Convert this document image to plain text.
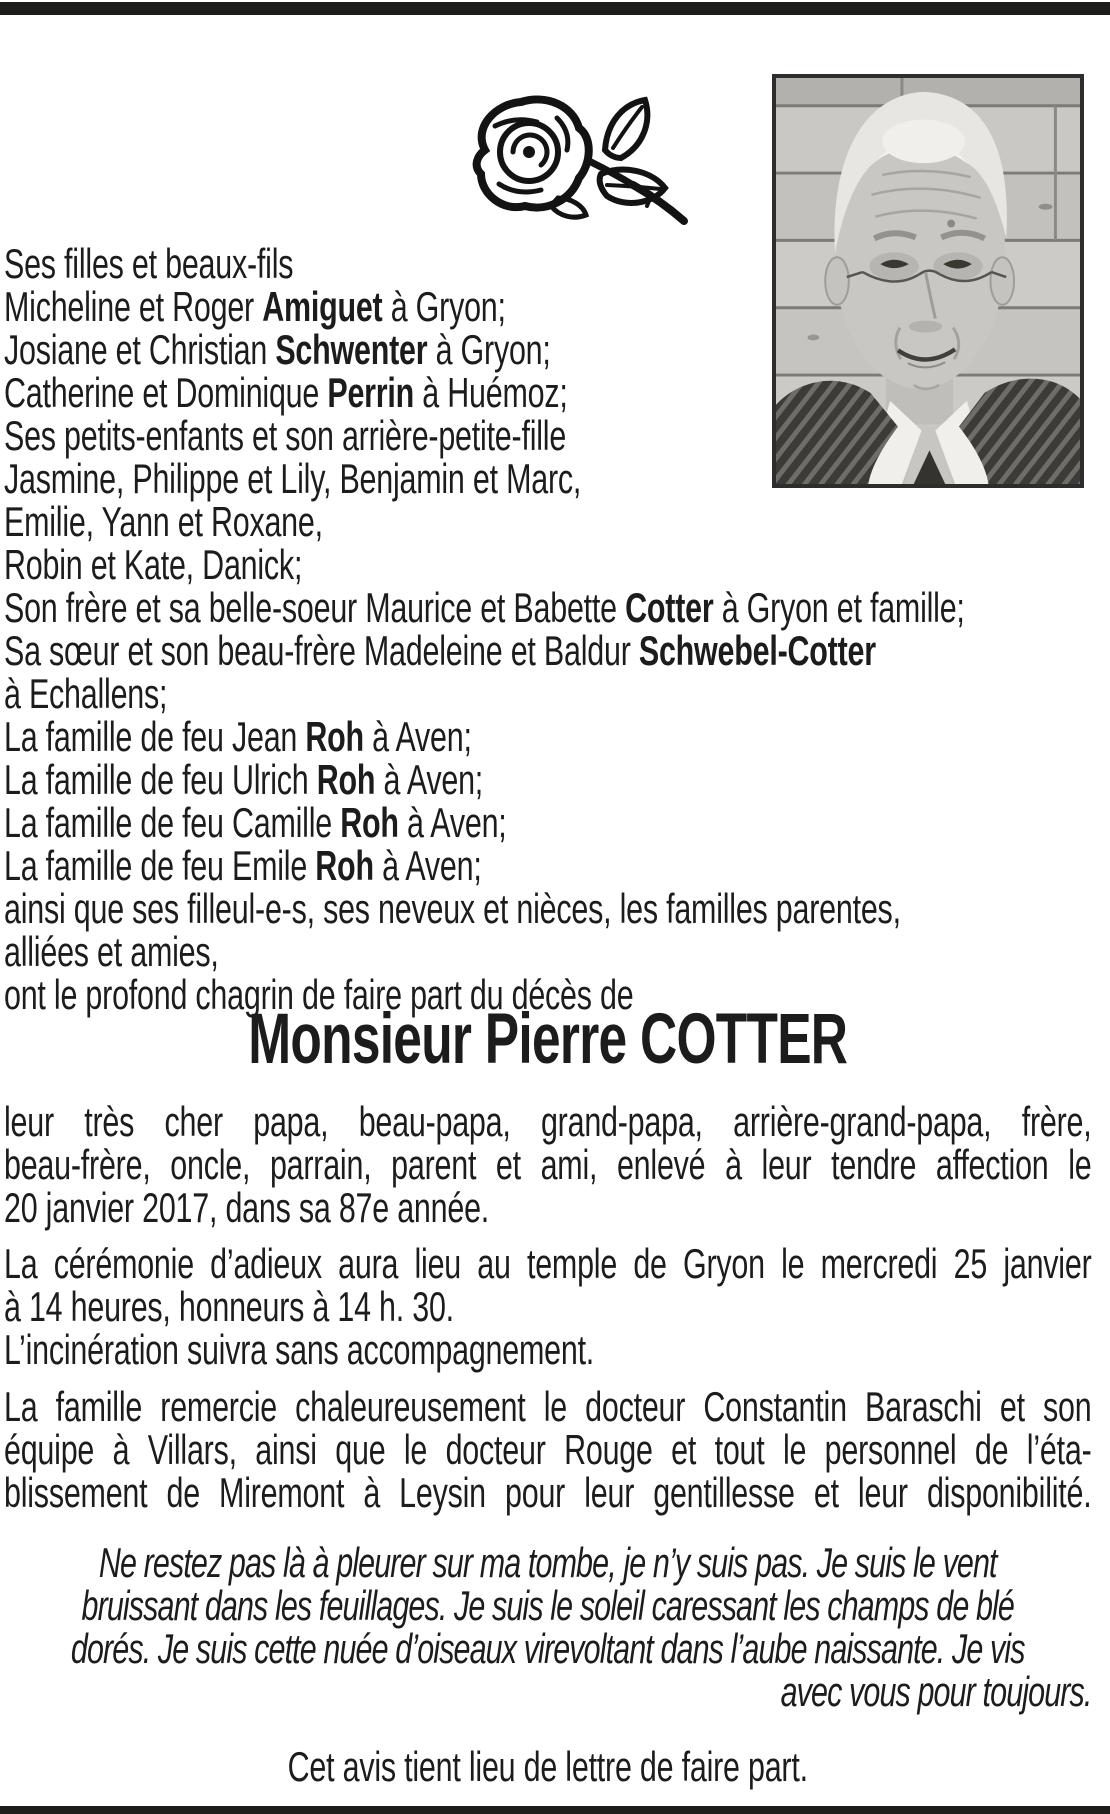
Ses filles et beaux-fils
Micheline et Roger Amiguet à Gryon;
Josiane et Christian Schwenter à Gryon;
Catherine et Dominique Perrin à Huémoz;
Ses petits-enfants et son arrière-petite-fille
Jasmine, Philippe et Lily, Benjamin et Marc,
Emilie, Yann et Roxane,
Robin et Kate, Danick;
Son frère et sa belle-soeur Maurice et Babette Cotter à Gryon et famille;
Sa sœur et son beau-frère Madeleine et Baldur Schwebel-Cotter
à Echallens;
La famille de feu Jean Roh à Aven;
La famille de feu Ulrich Roh à Aven;
La famille de feu Camille Roh à Aven;
La famille de feu Emile Roh à Aven;
ainsi que ses filleul-e-s, ses neveux et nièces, les familles parentes,
alliées et amies,
ont le profond chagrin de faire part du décès de
Monsieur Pierre COTTER
leur très cher papa, beau-papa, grand-papa, arrière-grand-papa, frère,
beau-frère, oncle, parrain, parent et ami, enlevé à leur tendre affection le
20 janvier 2017, dans sa 87e année.
La cérémonie d’adieux aura lieu au temple de Gryon le mercredi 25 janvier
à 14 heures, honneurs à 14 h. 30.
L’incinération suivra sans accompagnement.
La famille remercie chaleureusement le docteur Constantin Baraschi et son
équipe à Villars, ainsi que le docteur Rouge et tout le personnel de l’éta-
blissement de Miremont à Leysin pour leur gentillesse et leur disponibilité.
Ne restez pas là à pleurer sur ma tombe, je n’y suis pas. Je suis le vent
bruissant dans les feuillages. Je suis le soleil caressant les champs de blé
dorés. Je suis cette nuée d’oiseaux virevoltant dans l’aube naissante. Je vis
avec vous pour toujours.
Cet avis tient lieu de lettre de faire part.
